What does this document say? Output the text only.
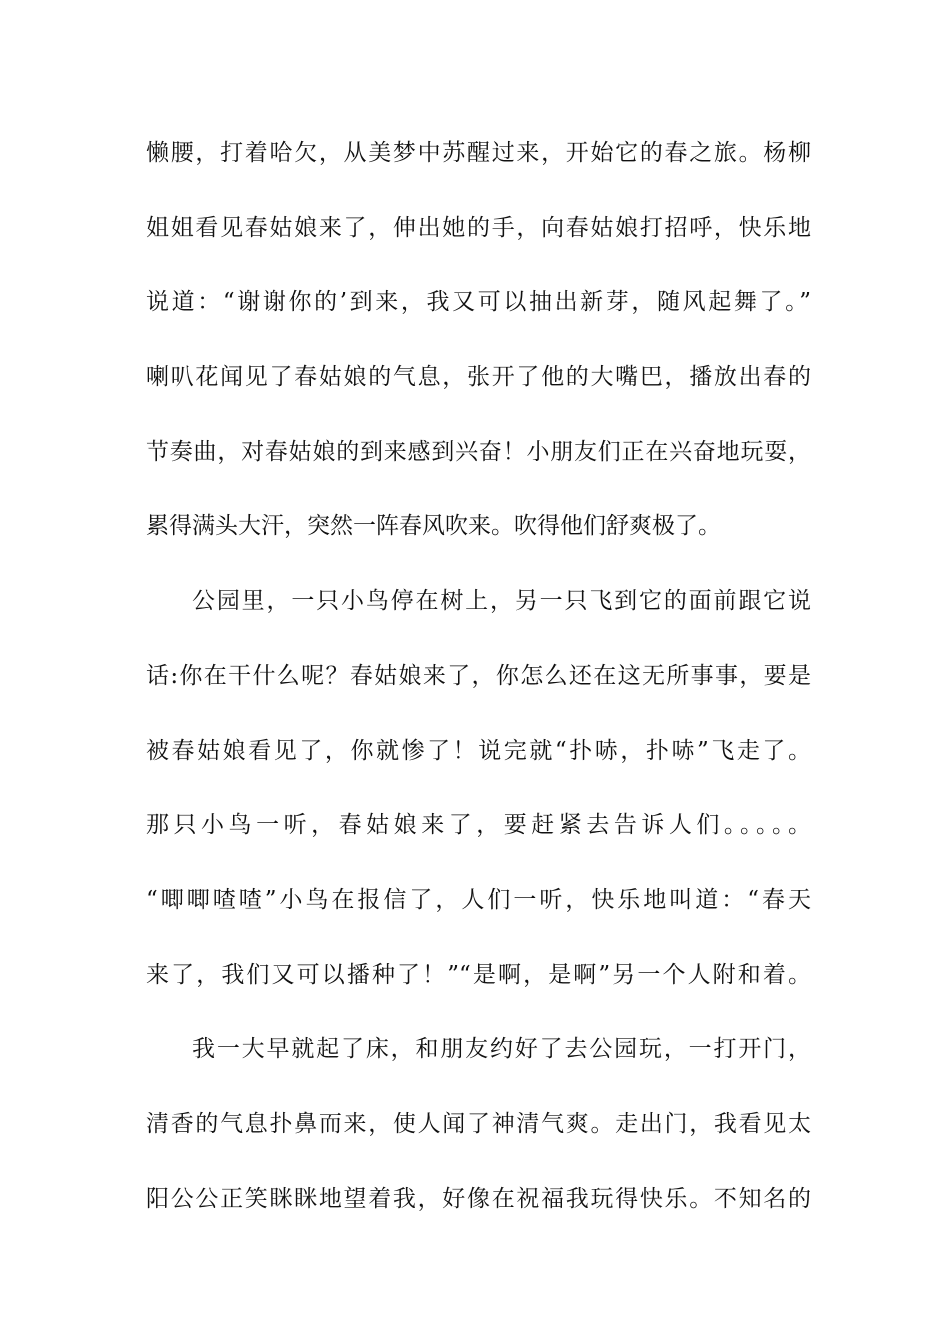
懒腰，打着哈欠，从美梦中苏醒过来，开始它的春之旅。杨柳
姐姐看见春姑娘来了，伸出她的手，向春姑娘打招呼，快乐地
说道：“谢谢你的’到来，我又可以抽出新芽，随风起舞了。”
喇叭花闻见了春姑娘的气息，张开了他的大嘴巴，播放出春的
节奏曲，对春姑娘的到来感到兴奋！小朋友们正在兴奋地玩耍，
累得满头大汗，突然一阵春风吹来。吹得他们舒爽极了。
公园里，一只小鸟停在树上，另一只飞到它的面前跟它说
话:你在干什么呢？春姑娘来了，你怎么还在这无所事事，要是
被春姑娘看见了，你就惨了！说完就“扑哧，扑哧”飞走了。
那只小鸟一听，春姑娘来了，要赶紧去告诉人们。。。。。
“唧唧喳喳”小鸟在报信了，人们一听，快乐地叫道：“春天
来了，我们又可以播种了！”“是啊，是啊”另一个人附和着。
我一大早就起了床，和朋友约好了去公园玩，一打开门，
清香的气息扑鼻而来，使人闻了神清气爽。走出门，我看见太
阳公公正笑眯眯地望着我，好像在祝福我玩得快乐。不知名的
